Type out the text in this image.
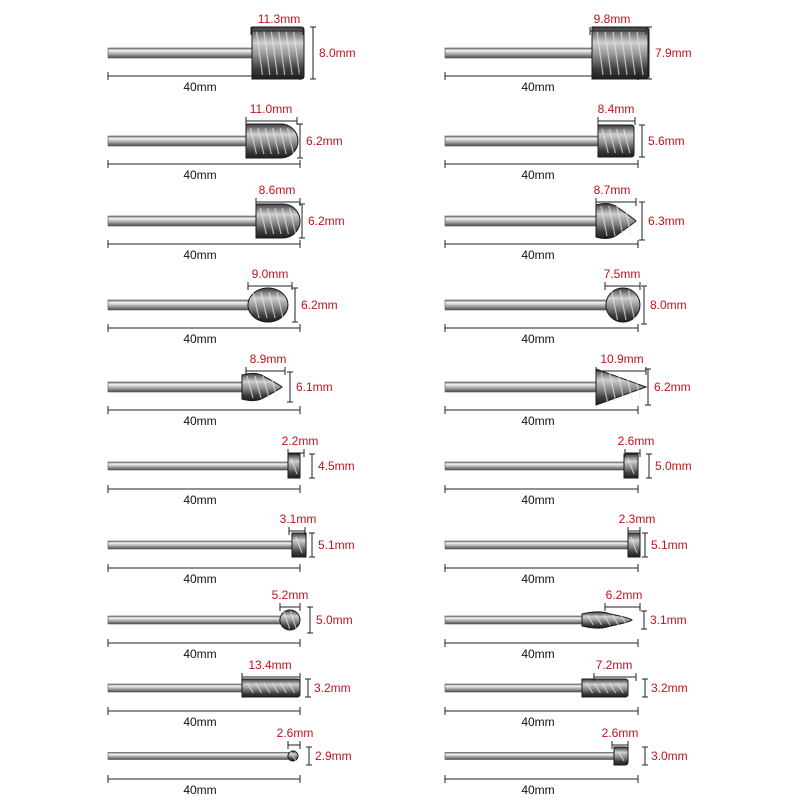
11.3mm
8.0mm
40mm
9.8mm
7.9mm
40mm
11.0mm
6.2mm
40mm
8.4mm
5.6mm
40mm
8.6mm
6.2mm
40mm
8.7mm
6.3mm
40mm
9.0mm
6.2mm
40mm
7.5mm
8.0mm
40mm
8.9mm
6.1mm
40mm
10.9mm
6.2mm
40mm
2.2mm
4.5mm
40mm
2.6mm
5.0mm
40mm
3.1mm
5.1mm
40mm
2.3mm
5.1mm
40mm
5.2mm
5.0mm
40mm
6.2mm
3.1mm
40mm
13.4mm
3.2mm
40mm
7.2mm
3.2mm
40mm
2.6mm
2.9mm
40mm
2.6mm
3.0mm
40mm
